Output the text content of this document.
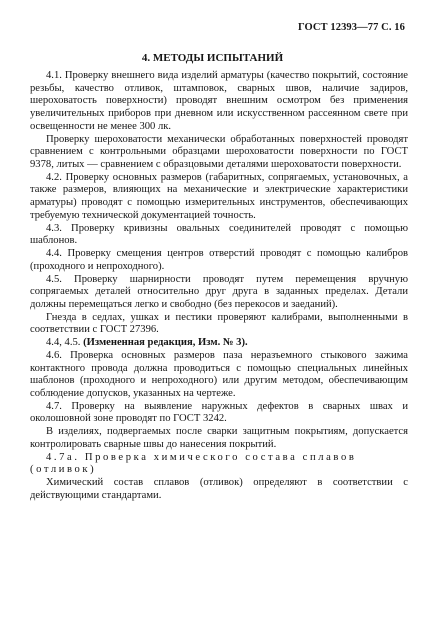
ГОСТ 12393—77 С. 16
4. МЕТОДЫ ИСПЫТАНИЙ

4.1. Проверку внешнего вида изделий арматуры (качество покрытий, состояние резьбы, качество отливок, штамповок, сварных швов, наличие задиров, шероховатость поверхности) проводят внешним осмотром без применения увеличительных приборов при дневном или искусственном рассеянном свете при освещенности не менее 300 лк.

Проверку шероховатости механически обработанных поверхностей проводят сравнением с контрольными образцами шероховатости поверхности по ГОСТ 9378, литых — сравнением с образцовыми деталями шероховатости поверхности.

4.2. Проверку основных размеров (габаритных, сопрягаемых, установочных, а также размеров, влияющих на механические и электрические характеристики арматуры) проводят с помощью измерительных инструментов, обеспечивающих требуемую технической документацией точность.

4.3. Проверку кривизны овальных соединителей проводят с помощью шаблонов.

4.4. Проверку смещения центров отверстий проводят с помощью калибров (проходного и непроходного).

4.5. Проверку шарнирности проводят путем перемещения вручную сопрягаемых деталей относительно друг друга в заданных пределах. Детали должны перемещаться легко и свободно (без перекосов и заеданий).

Гнезда в седлах, ушках и пестики проверяют калибрами, выполненными в соответствии с ГОСТ 27396.

4.4, 4.5. (Измененная редакция, Изм. № 3).

4.6. Проверка основных размеров паза неразъемного стыкового зажима контактного провода должна проводиться с помощью специальных линейных шаблонов (проходного и непроходного) или другим методом, обеспечивающим соблюдение допусков, указанных на чертеже.

4.7. Проверку на выявление наружных дефектов в сварных швах и околошовной зоне проводят по ГОСТ 3242.

В изделиях, подвергаемых после сварки защитным покрытиям, допускается контролировать сварные швы до нанесения покрытий.

4.7а. Проверка химического состава сплавов (отливок)

Химический состав сплавов (отливок) определяют в соответствии с действующими стандартами.
